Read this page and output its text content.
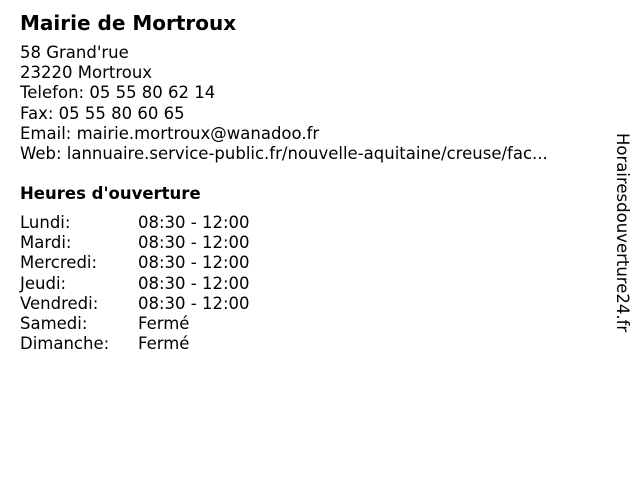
Mairie de Mortroux
58 Grand'rue
23220 Mortroux
Telefon: 05 55 80 62 14
Fax: 05 55 80 60 65
Email: mairie.mortroux@wanadoo.fr
Web: lannuaire.service-public.fr/nouvelle-aquitaine/creuse/fac...
Heures d'ouverture
Lundi:	08:30 - 12:00
Mardi:	08:30 - 12:00
Mercredi: 08:30 - 12:00
Jeudi:	08:30 - 12:00
Vendredi: 08:30 - 12:00
Samedi:	Fermé
Dimanche: Fermé
Horairesdouverture24.fr
